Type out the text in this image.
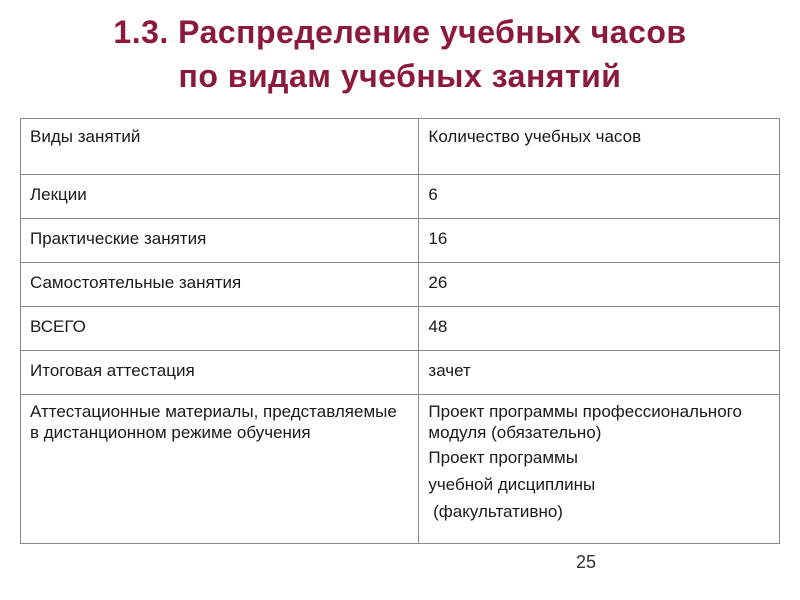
1.3. Распределение учебных часов
по видам учебных занятий
Виды занятий	Количество учебных часов
Лекции	6
Практические занятия	16
Самостоятельные занятия	26
ВСЕГО	48
Итоговая аттестация	зачет
Аттестационные материалы, представляемые в дистанционном режиме обучения	Проект программы профессионального модуля (обязательно)
Проект программы
учебной дисциплины
(факультативно)
25
